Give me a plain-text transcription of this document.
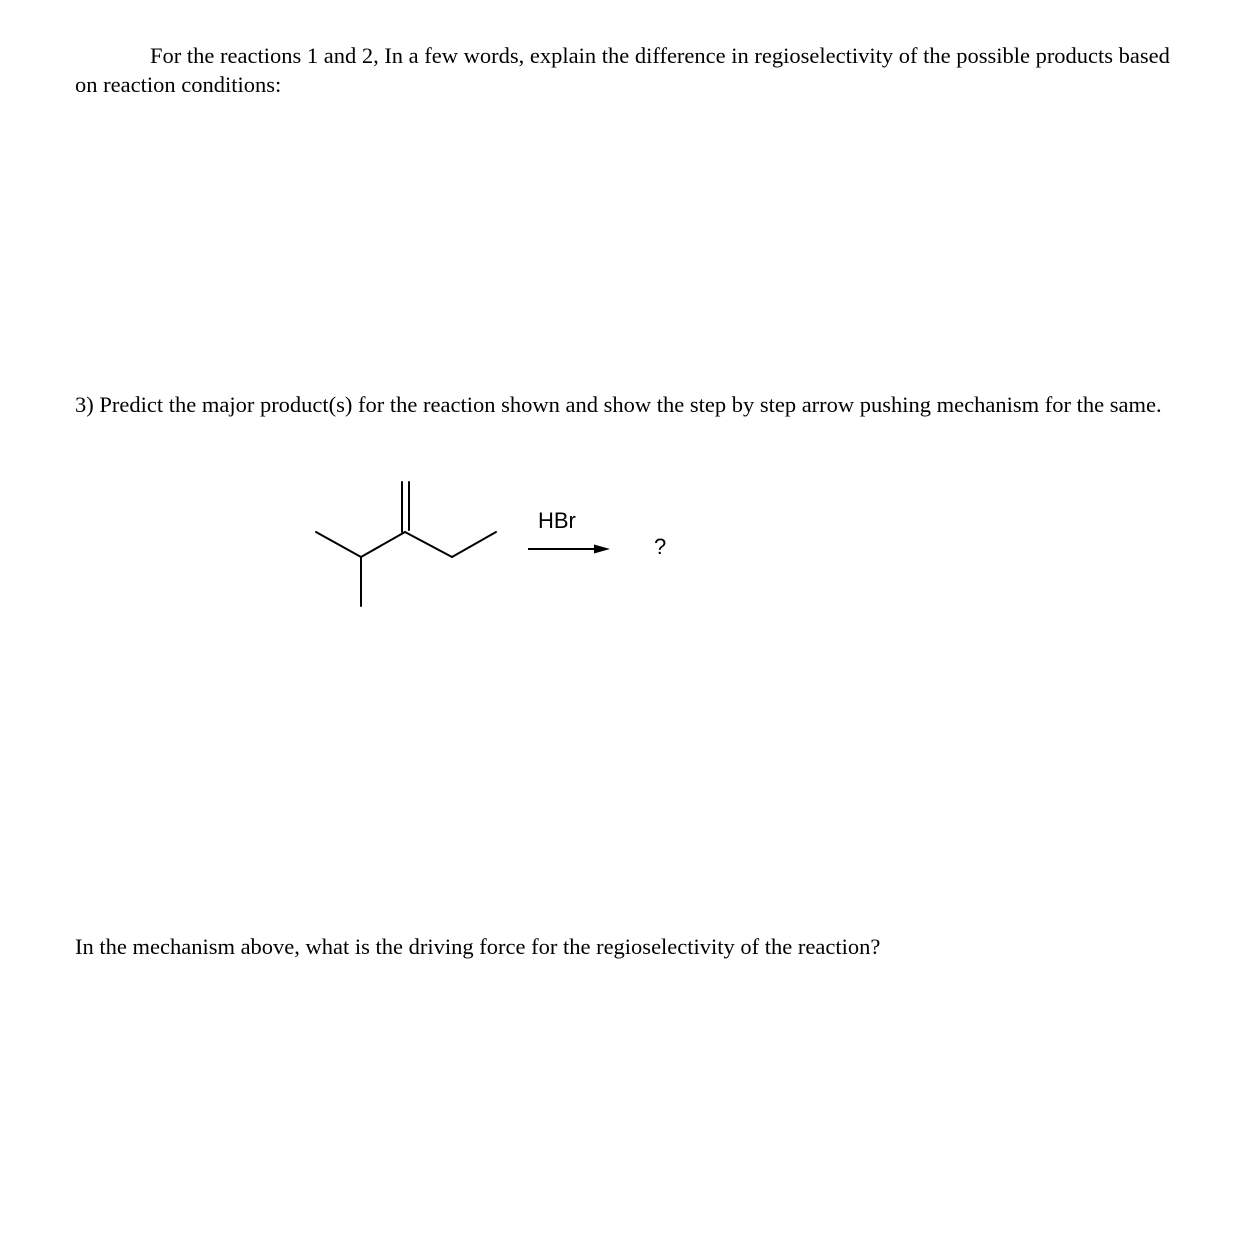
For the reactions 1 and 2, In a few words, explain the difference in regioselectivity of the possible products based on reaction conditions:

3) Predict the major product(s) for the reaction shown and show the step by step arrow pushing mechanism for the same.

HBr
?

In the mechanism above, what is the driving force for the regioselectivity of the reaction?
